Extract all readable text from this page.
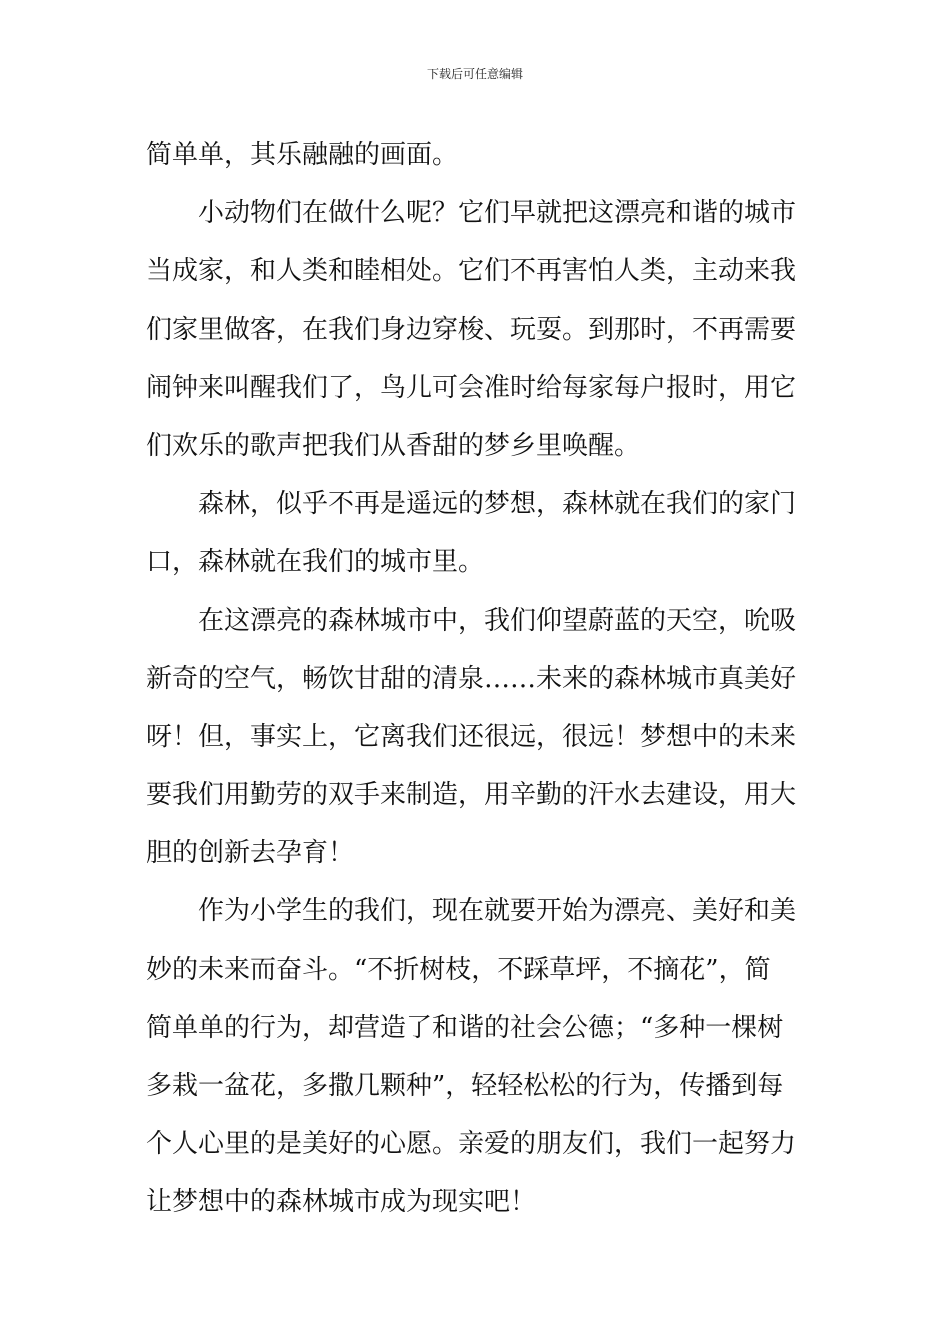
下载后可任意编辑
简单单，其乐融融的画面。
小动物们在做什么呢？它们早就把这漂亮和谐的城市
当成家，和人类和睦相处。它们不再害怕人类，主动来我
们家里做客，在我们身边穿梭、玩耍。到那时，不再需要
闹钟来叫醒我们了，鸟儿可会准时给每家每户报时，用它
们欢乐的歌声把我们从香甜的梦乡里唤醒。
森林，似乎不再是遥远的梦想，森林就在我们的家门
口，森林就在我们的城市里。
在这漂亮的森林城市中，我们仰望蔚蓝的天空，吮吸
新奇的空气，畅饮甘甜的清泉……未来的森林城市真美好
呀！但，事实上，它离我们还很远，很远！梦想中的未来
要我们用勤劳的双手来制造，用辛勤的汗水去建设，用大
胆的创新去孕育！
作为小学生的我们，现在就要开始为漂亮、美好和美
妙的未来而奋斗。“不折树枝，不踩草坪，不摘花”，简
简单单的行为，却营造了和谐的社会公德；“多种一棵树
多栽一盆花，多撒几颗种”，轻轻松松的行为，传播到每
个人心里的是美好的心愿。亲爱的朋友们，我们一起努力
让梦想中的森林城市成为现实吧！
